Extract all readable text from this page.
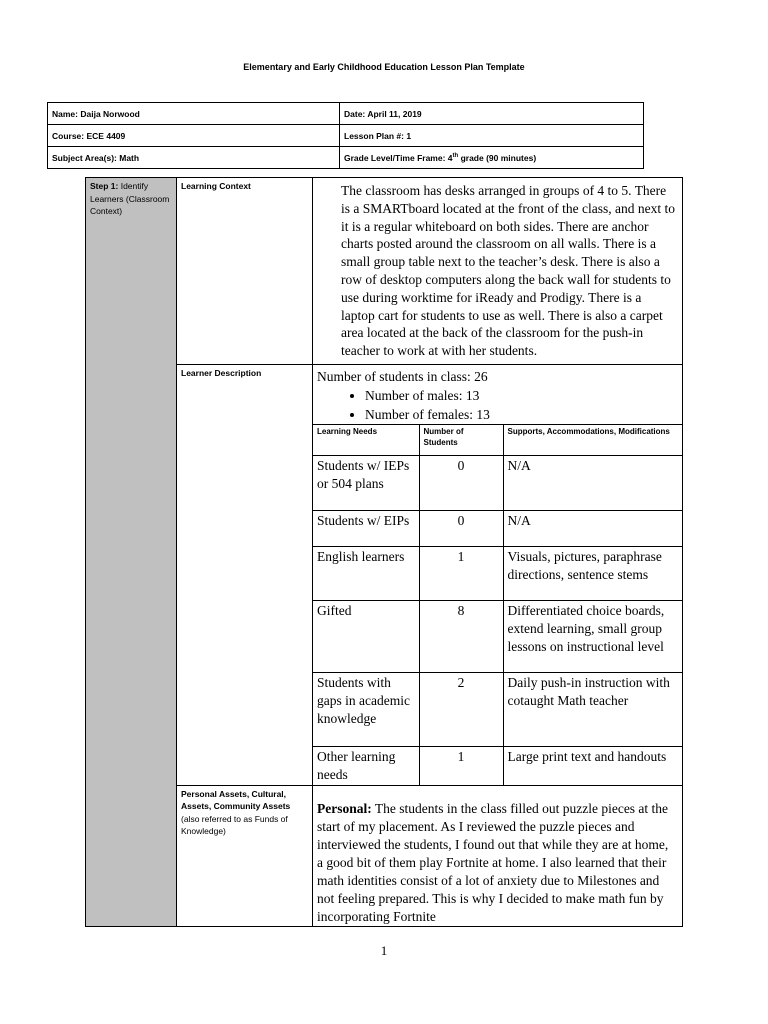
Elementary and Early Childhood Education Lesson Plan Template
Name: Daija Norwood	Date: April 11, 2019
Course: ECE 4409	Lesson Plan #: 1
Subject Area(s): Math	Grade Level/Time Frame: 4th grade (90 minutes)
Step 1: Identify Learners (Classroom Context)	Learning Context	The classroom has desks arranged in groups of 4 to 5. There is a SMARTboard located at the front of the class, and next to it is a regular whiteboard on both sides. There are anchor charts posted around the classroom on all walls. There is a small group table next to the teacher’s desk. There is also a row of desktop computers along the back wall for students to use during worktime for iReady and Prodigy. There is a laptop cart for students to use as well. There is also a carpet area located at the back of the classroom for the push-in teacher to work at with her students.
Learner Description	Number of students in class: 26
• Number of males: 13
• Number of females: 13
Learning Needs	Number of Students	Supports, Accommodations, Modifications
Students w/ IEPs or 504 plans	0	N/A
Students w/ EIPs	0	N/A
English learners	1	Visuals, pictures, paraphrase directions, sentence stems
Gifted	8	Differentiated choice boards, extend learning, small group lessons on instructional level
Students with gaps in academic knowledge	2	Daily push-in instruction with cotaught Math teacher
Other learning needs	1	Large print text and handouts

Personal Assets, Cultural, Assets, Community Assets (also referred to as Funds of Knowledge)	Personal: The students in the class filled out puzzle pieces at the start of my placement. As I reviewed the puzzle pieces and interviewed the students, I found out that while they are at home, a good bit of them play Fortnite at home. I also learned that their math identities consist of a lot of anxiety due to Milestones and not feeling prepared. This is why I decided to make math fun by incorporating Fortnite
1
